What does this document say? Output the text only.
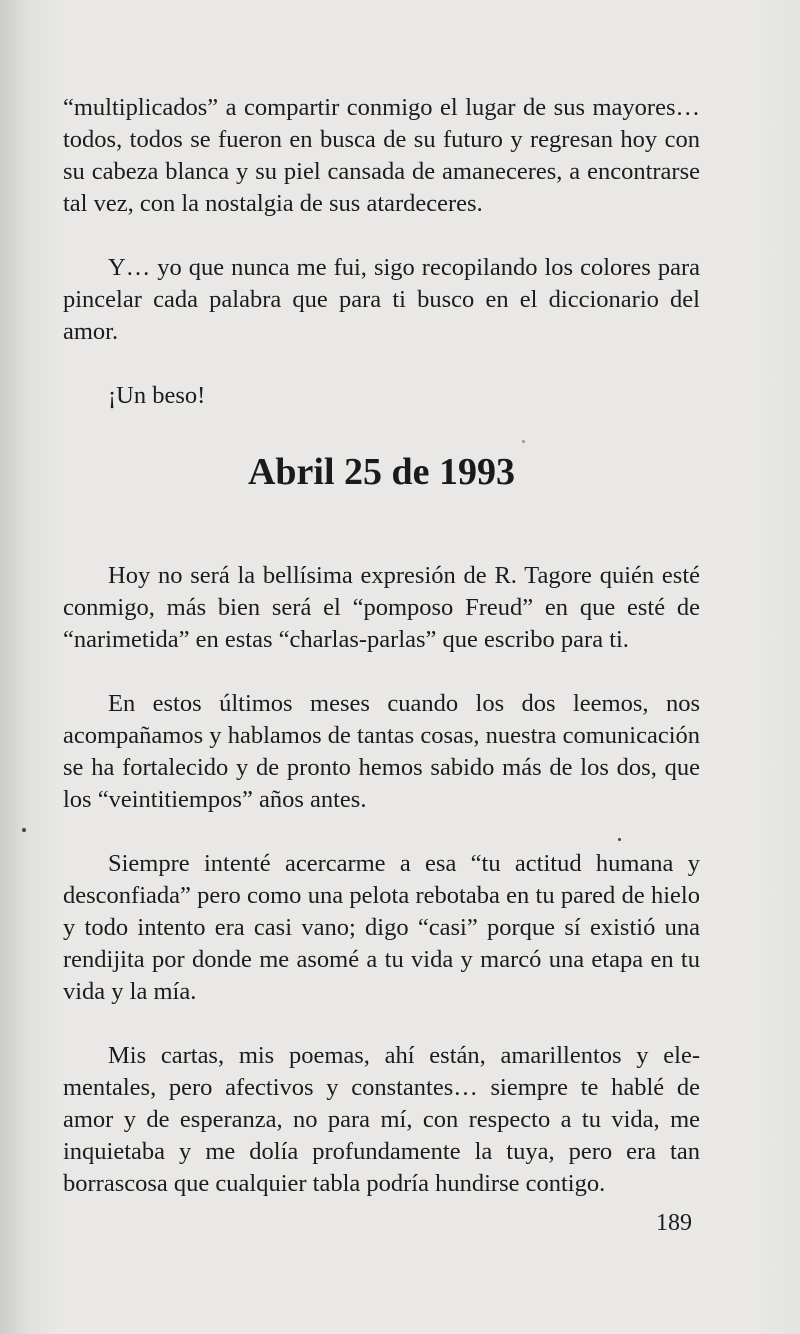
“multiplicados” a compartir conmigo el lugar de sus mayores… todos, todos se fueron en busca de su futuro y regresan hoy con su cabeza blanca y su piel cansada de amaneceres, a encontrarse tal vez, con la nostalgia de sus atardeceres.

Y… yo que nunca me fui, sigo recopilando los colores para pincelar cada palabra que para ti busco en el diccionario del amor.

¡Un beso!

Abril 25 de 1993

Hoy no será la bellísima expresión de R. Tagore quién esté conmigo, más bien será el “pomposo Freud” en que esté de “narimetida” en estas “charlas-parlas” que escribo para ti.

En estos últimos meses cuando los dos leemos, nos acompañamos y hablamos de tantas cosas, nuestra comunicación se ha fortalecido y de pronto hemos sabido más de los dos, que los “veintitiempos” años antes.

Siempre intenté acercarme a esa “tu actitud humana y desconfiada” pero como una pelota rebotaba en tu pared de hielo y todo intento era casi vano; digo “casi” porque sí existió una rendijita por donde me asomé a tu vida y marcó una etapa en tu vida y la mía.

Mis cartas, mis poemas, ahí están, amarillentos y elementales, pero afectivos y constantes… siempre te hablé de amor y de esperanza, no para mí, con respecto a tu vida, me inquietaba y me dolía profundamente la tuya, pero era tan borrascosa que cualquier tabla podría hundirse contigo.

189
